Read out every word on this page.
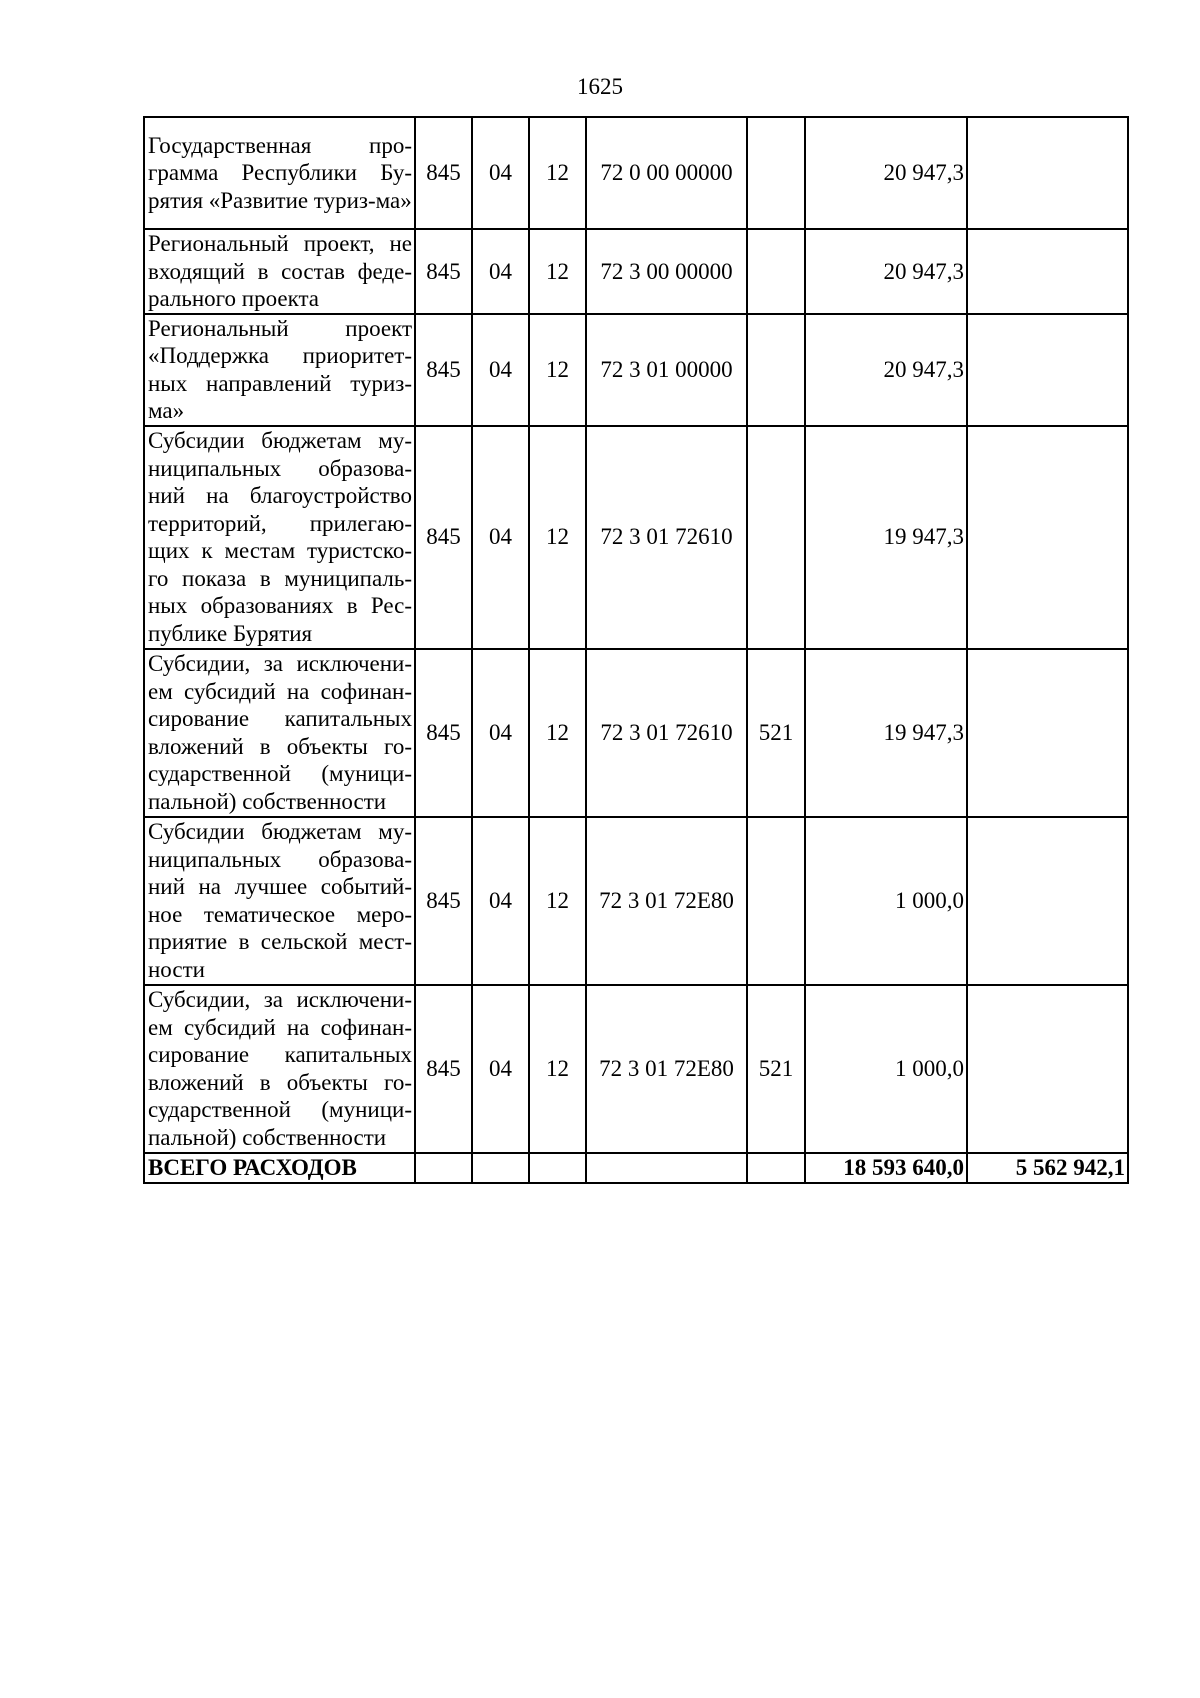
1625
Государственная про-грамма Республики Бу-рятия «Развитие туриз-ма»	845	04	12	72 0 00 00000		20 947,3	
Региональный проект, не входящий в состав феде-рального проекта	845	04	12	72 3 00 00000		20 947,3	
Региональный проект «Поддержка приоритет-ных направлений туриз-ма»	845	04	12	72 3 01 00000		20 947,3	
Субсидии бюджетам му-ниципальных образова-ний на благоустройство территорий, прилегаю-щих к местам туристско-го показа в муниципаль-ных образованиях в Рес-публике Бурятия	845	04	12	72 3 01 72610		19 947,3	
Субсидии, за исключени-ем субсидий на софинан-сирование капитальных вложений в объекты го-сударственной (муници-пальной) собственности	845	04	12	72 3 01 72610	521	19 947,3	
Субсидии бюджетам му-ниципальных образова-ний на лучшее событий-ное тематическое меро-приятие в сельской мест-ности	845	04	12	72 3 01 72E80		1 000,0	
Субсидии, за исключени-ем субсидий на софинан-сирование капитальных вложений в объекты го-сударственной (муници-пальной) собственности	845	04	12	72 3 01 72E80	521	1 000,0	
ВСЕГО РАСХОДОВ						18 593 640,0	5 562 942,1
